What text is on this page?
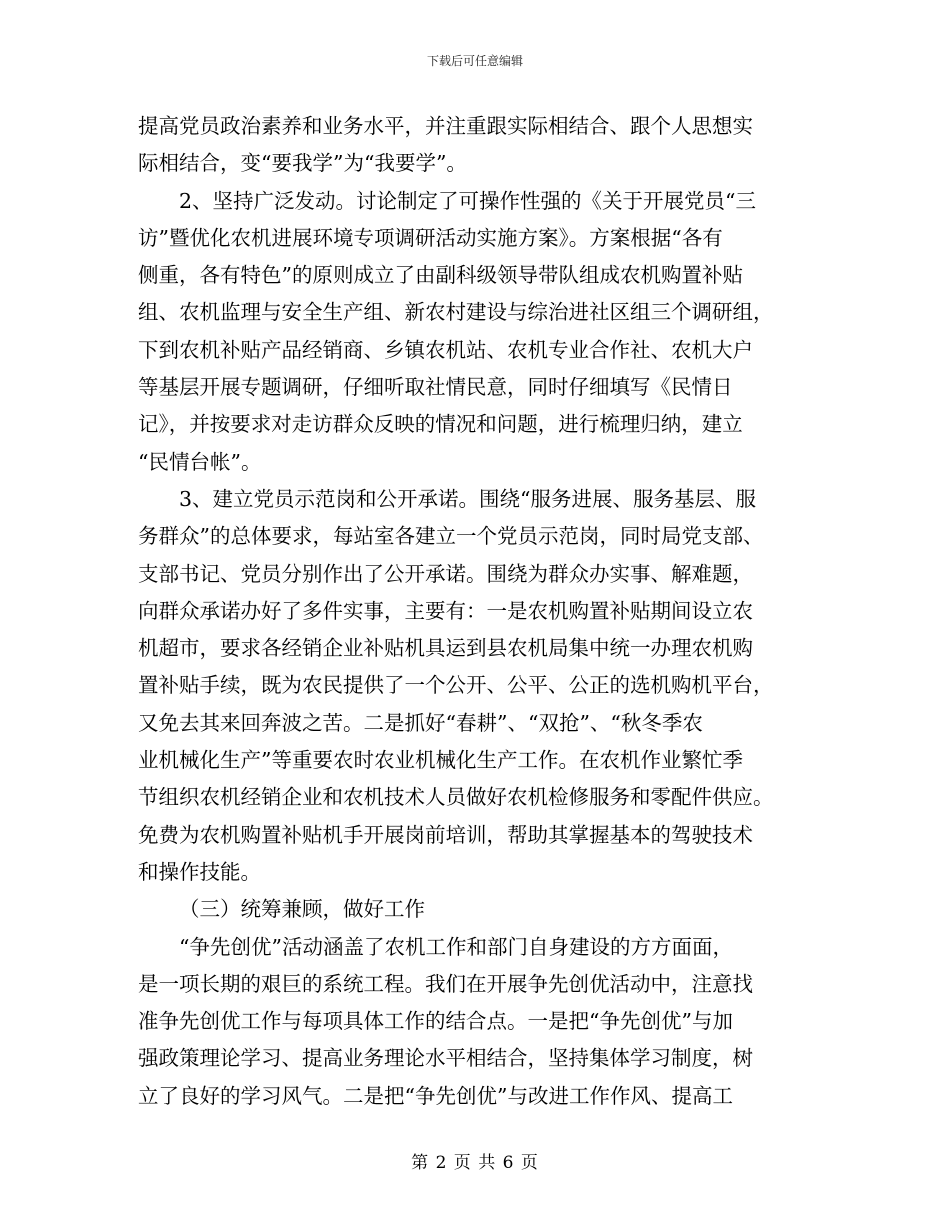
下载后可任意编辑
提高党员政治素养和业务水平，并注重跟实际相结合、跟个人思想实
际相结合，变“要我学”为“我要学”。
2、坚持广泛发动。讨论制定了可操作性强的《关于开展党员“三
访”暨优化农机进展环境专项调研活动实施方案》。方案根据“各有
侧重，各有特色”的原则成立了由副科级领导带队组成农机购置补贴
组、农机监理与安全生产组、新农村建设与综治进社区组三个调研组，
下到农机补贴产品经销商、乡镇农机站、农机专业合作社、农机大户
等基层开展专题调研，仔细听取社情民意，同时仔细填写《民情日
记》，并按要求对走访群众反映的情况和问题，进行梳理归纳，建立
“民情台帐”。
3、建立党员示范岗和公开承诺。围绕“服务进展、服务基层、服
务群众”的总体要求，每站室各建立一个党员示范岗，同时局党支部、
支部书记、党员分别作出了公开承诺。围绕为群众办实事、解难题，
向群众承诺办好了多件实事，主要有：一是农机购置补贴期间设立农
机超市，要求各经销企业补贴机具运到县农机局集中统一办理农机购
置补贴手续，既为农民提供了一个公开、公平、公正的选机购机平台，
又免去其来回奔波之苦。二是抓好“春耕”、“双抢”、“秋冬季农
业机械化生产”等重要农时农业机械化生产工作。在农机作业繁忙季
节组织农机经销企业和农机技术人员做好农机检修服务和零配件供应。
免费为农机购置补贴机手开展岗前培训，帮助其掌握基本的驾驶技术
和操作技能。
（三）统筹兼顾，做好工作
“争先创优”活动涵盖了农机工作和部门自身建设的方方面面，
是一项长期的艰巨的系统工程。我们在开展争先创优活动中，注意找
准争先创优工作与每项具体工作的结合点。一是把“争先创优”与加
强政策理论学习、提高业务理论水平相结合，坚持集体学习制度，树
立了良好的学习风气。二是把“争先创优”与改进工作作风、提高工
第 2 页 共 6 页
